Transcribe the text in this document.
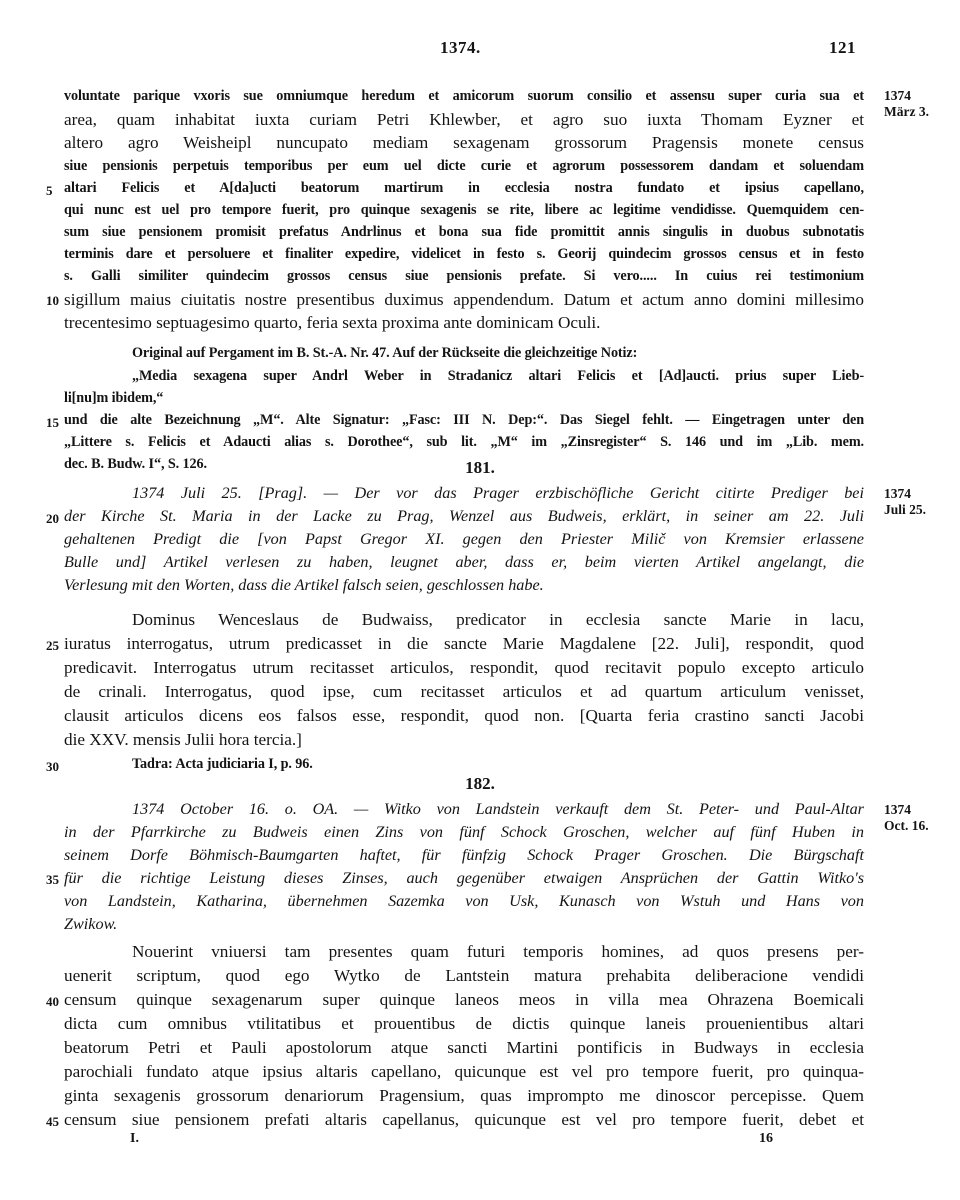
1374.	121
voluntate parique vxoris sue omniumque heredum et amicorum suorum consilio et assensu super curia sua et
area, quam inhabitat iuxta curiam Petri Khlewber, et agro suo iuxta Thomam Eyzner et
altero agro Weisheipl nuncupato mediam sexagenam grossorum Pragensis monete census
siue pensionis perpetuis temporibus per eum uel dicte curie et agrorum possessorem dandam et soluendam
altari Felicis et A[da]ucti beatorum martirum in ecclesia nostra fundato et ipsius capellano,
qui nunc est uel pro tempore fuerit, pro quinque sexagenis se rite, libere ac legitime vendidisse. Quemquidem cen-
sum siue pensionem promisit prefatus Andrlinus et bona sua fide promittit annis singulis in duobus subnotatis
terminis dare et persoluere et finaliter expedire, videlicet in festo s. Georij quindecim grossos census et in festo
s. Galli similiter quindecim grossos census siue pensionis prefate. Si vero..... In cuius rei testimonium
sigillum maius ciuitatis nostre presentibus duximus appendendum. Datum et actum anno domini millesimo
trecentesimo septuagesimo quarto, feria sexta proxima ante dominicam Oculi.
Original auf Pergament im B. St.-A. Nr. 47. Auf der Rückseite die gleichzeitige Notiz:
„Media sexagena super Andrl Weber in Stradanicz altari Felicis et [Ad]aucti. prius super Lieb-
li[nu]m ibidem,“
und die alte Bezeichnung „M“. Alte Signatur: „Fasc: III N. Dep:“. Das Siegel fehlt. — Eingetragen unter den
„Littere s. Felicis et Adaucti alias s. Dorothee“, sub lit. „M“ im „Zinsregister“ S. 146 und im „Lib. mem.
dec. B. Budw. I“, S. 126.
1374
März 3.
181.
1374 Juli 25. [Prag]. — Der vor das Prager erzbischöfliche Gericht citirte Prediger bei
der Kirche St. Maria in der Lacke zu Prag, Wenzel aus Budweis, erklärt, in seiner am 22. Juli
gehaltenen Predigt die [von Papst Gregor XI. gegen den Priester Milič von Kremsier erlassene
Bulle und] Artikel verlesen zu haben, leugnet aber, dass er, beim vierten Artikel angelangt, die
Verlesung mit den Worten, dass die Artikel falsch seien, geschlossen habe.
1374
Juli 25.
Dominus Wenceslaus de Budwaiss, predicator in ecclesia sancte Marie in lacu,
iuratus interrogatus, utrum predicasset in die sancte Marie Magdalene [22. Juli], respondit, quod
predicavit. Interrogatus utrum recitasset articulos, respondit, quod recitavit populo excepto articulo
de crinali. Interrogatus, quod ipse, cum recitasset articulos et ad quartum articulum venisset,
clausit articulos dicens eos falsos esse, respondit, quod non. [Quarta feria crastino sancti Jacobi
die XXV. mensis Julii hora tercia.]
Tadra: Acta judiciaria I, p. 96.
182.
1374 October 16. o. OA. — Witko von Landstein verkauft dem St. Peter- und Paul-Altar
in der Pfarrkirche zu Budweis einen Zins von fünf Schock Groschen, welcher auf fünf Huben in
seinem Dorfe Böhmisch-Baumgarten haftet, für fünfzig Schock Prager Groschen. Die Bürgschaft
für die richtige Leistung dieses Zinses, auch gegenüber etwaigen Ansprüchen der Gattin Witko's
von Landstein, Katharina, übernehmen Sazemka von Usk, Kunasch von Wstuh und Hans von
Zwikow.
1374
Oct. 16.
Nouerint vniuersi tam presentes quam futuri temporis homines, ad quos presens per-
uenerit scriptum, quod ego Wytko de Lantstein matura prehabita deliberacione vendidi
censum quinque sexagenarum super quinque laneos meos in villa mea Ohrazena Boemicali
dicta cum omnibus vtilitatibus et prouentibus de dictis quinque laneis prouenientibus altari
beatorum Petri et Pauli apostolorum atque sancti Martini pontificis in Budways in ecclesia
parochiali fundato atque ipsius altaris capellano, quicunque est vel pro tempore fuerit, pro quinqua-
ginta sexagenis grossorum denariorum Pragensium, quas imprompto me dinoscor percepisse. Quem
censum siue pensionem prefati altaris capellanus, quicunque est vel pro tempore fuerit, debet et
5
10
15
20
25
30
35
40
45
I.	16
